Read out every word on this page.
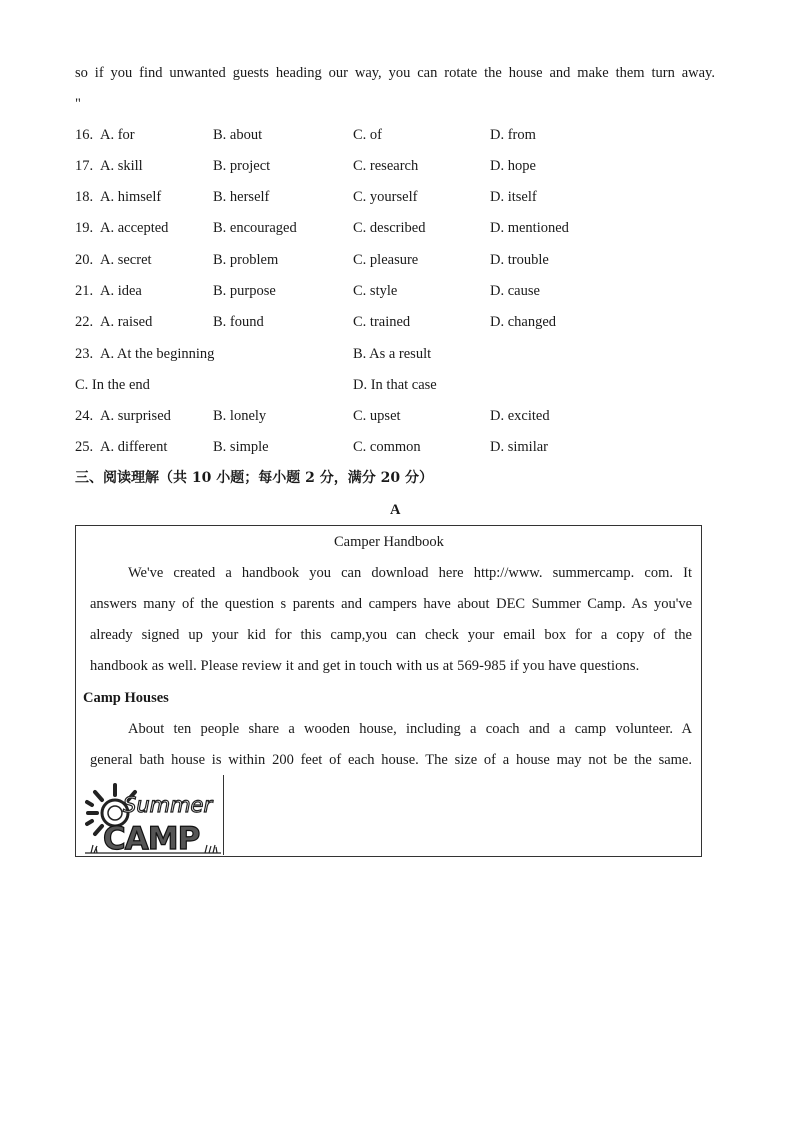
so if you find unwanted guests heading our way, you can rotate the house and make them turn away.
"
16. A. for	B. about	C. of	D. from
17. A. skill	B. project	C. research	D. hope
18. A. himself	B. herself	C. yourself	D. itself
19. A. accepted	B. encouraged	C. described	D. mentioned
20. A. secret	B. problem	C. pleasure	D. trouble
21. A. idea	B. purpose	C. style	D. cause
22. A. raised	B. found	C. trained	D. changed
23. A. At the beginning	B. As a result
C. In the end	D. In that case
24. A. surprised	B. lonely	C. upset	D. excited
25. A. different	B. simple	C. common	D. similar
三、阅读理解（共 10 小题；每小题 2 分，满分 20 分）
A
Camper Handbook
We've created a handbook you can download here http://www. summercamp. com. It
answers many of the question s parents and campers have about DEC Summer Camp. As you've
already signed up your kid for this camp,you can check your email box for a copy of the
handbook as well. Please review it and get in touch with us at 569-985 if you have questions.
Camp Houses
About ten people share a wooden house, including a coach and a camp volunteer. A
general bath house is within 200 feet of each house. The size of a house may not be the same.
Summer
CAMP
